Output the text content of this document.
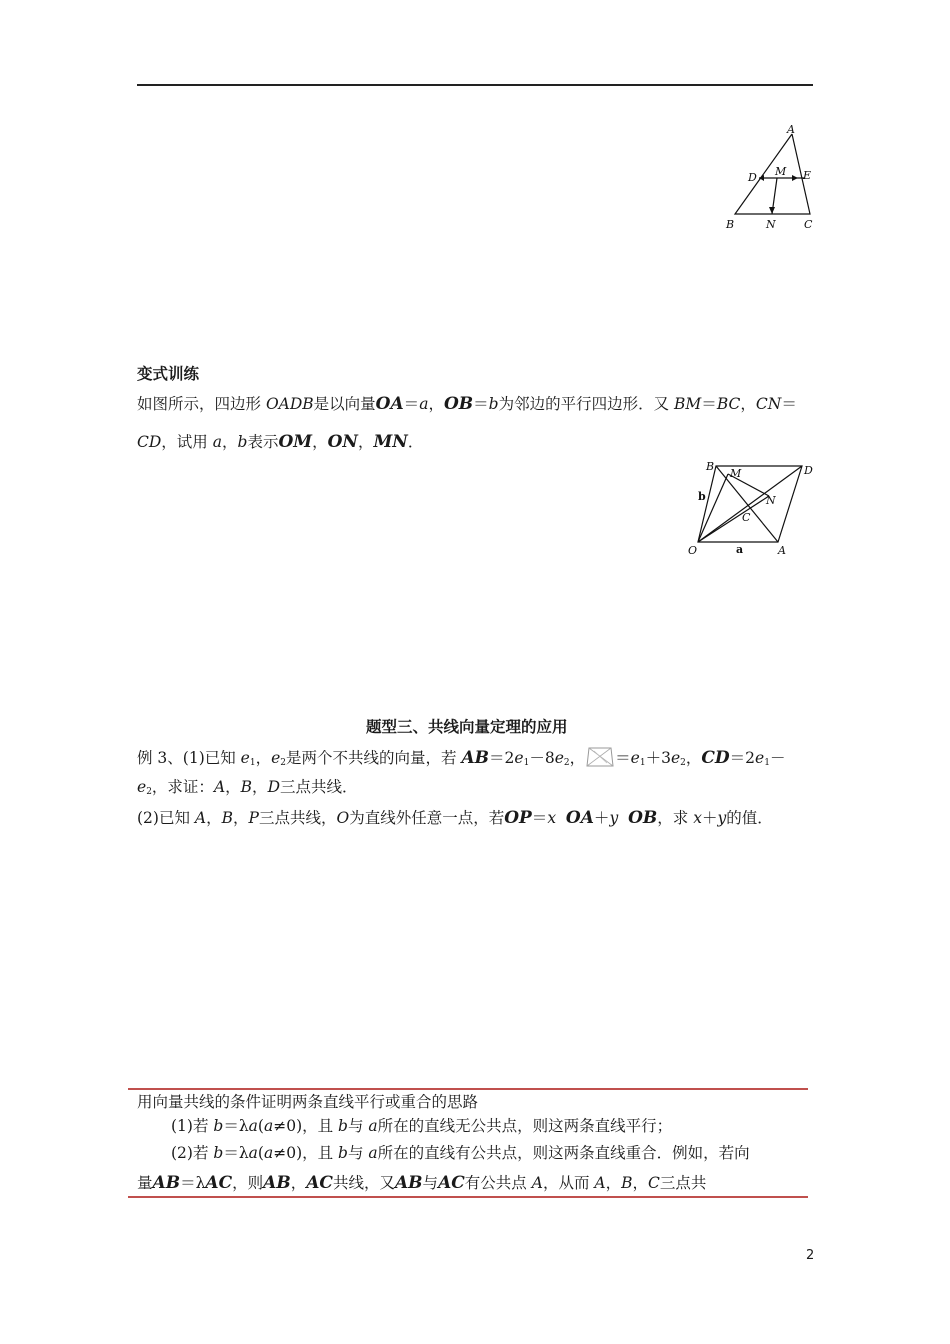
A
D M E
B	N	C
变式训练
如图所示，四边形 OADB是以向量OA＝a，OB＝b为邻边的平行四边形．又 BM＝BC，CN＝
CD，试用 a，b表示OM，ON，MN．
B
M	D
N
C
O	A
b
a
题型三、共线向量定理的应用
例 3、(1)已知 $e_1$，$e_2$是两个不共线的向量，若 $AB=2e_1-8e_2$， $=e_1+3e_2$，$CD=2e_1-$
$e_2$，求证：A，B，D三点共线．
(2)已知 A，B，P三点共线，O为直线外任意一点，若OP＝x OA＋y OB，求 x＋y的值．
用向量共线的条件证明两条直线平行或重合的思路
(1)若 b＝λa(a≠0)，且 b与 a所在的直线无公共点，则这两条直线平行；
(2)若 b＝λa(a≠0)，且 b与 a所在的直线有公共点，则这两条直线重合．例如，若向
量AB＝λAC，则AB，AC共线，又AB与AC有公共点 A，从而 A，B，C三点共
2
